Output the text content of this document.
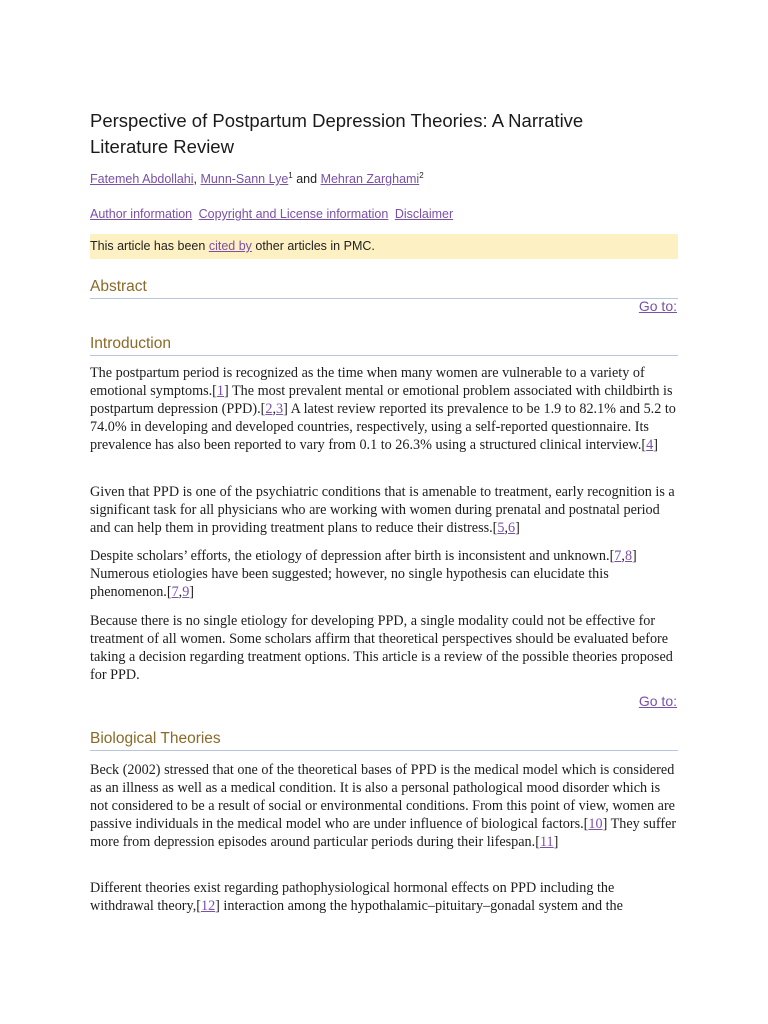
Perspective of Postpartum Depression Theories: A Narrative Literature Review
Fatemeh Abdollahi, Munn-Sann Lye$^1$ and Mehran Zarghami$^2$
Author information Copyright and License information Disclaimer
This article has been cited by other articles in PMC.
Abstract
Go to:
Introduction

The postpartum period is recognized as the time when many women are vulnerable to a variety of emotional symptoms.[1] The most prevalent mental or emotional problem associated with childbirth is postpartum depression (PPD).[2,3] A latest review reported its prevalence to be 1.9 to 82.1% and 5.2 to 74.0% in developing and developed countries, respectively, using a self-reported questionnaire. Its prevalence has also been reported to vary from 0.1 to 26.3% using a structured clinical interview.[4]

Given that PPD is one of the psychiatric conditions that is amenable to treatment, early recognition is a significant task for all physicians who are working with women during prenatal and postnatal period and can help them in providing treatment plans to reduce their distress.[5,6]

Despite scholars’ efforts, the etiology of depression after birth is inconsistent and unknown.[7,8] Numerous etiologies have been suggested; however, no single hypothesis can elucidate this phenomenon.[7,9]

Because there is no single etiology for developing PPD, a single modality could not be effective for treatment of all women. Some scholars affirm that theoretical perspectives should be evaluated before taking a decision regarding treatment options. This article is a review of the possible theories proposed for PPD.

Go to:
Biological Theories

Beck (2002) stressed that one of the theoretical bases of PPD is the medical model which is considered as an illness as well as a medical condition. It is also a personal pathological mood disorder which is not considered to be a result of social or environmental conditions. From this point of view, women are passive individuals in the medical model who are under influence of biological factors.[10] They suffer more from depression episodes around particular periods during their lifespan.[11]

Different theories exist regarding pathophysiological hormonal effects on PPD including the withdrawal theory,[12] interaction among the hypothalamic–pituitary–gonadal system and the
